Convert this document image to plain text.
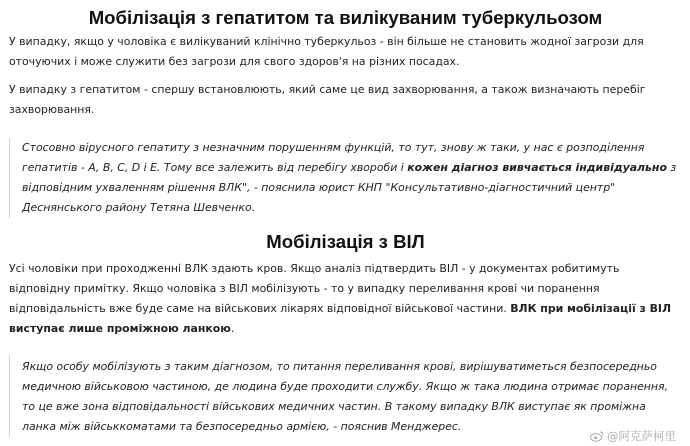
Мобілізація з гепатитом та вилікуваним туберкульозом

У випадку, якщо у чоловіка є вилікуваний клінічно туберкульоз - він більше не становить жодної загрози для оточуючих і може служити без загрози для свого здоров'я на різних посадах.

У випадку з гепатитом - спершу встановлюють, який саме це вид захворювання, а також визначають перебіг захворювання.

Стосовно вірусного гепатиту з незначним порушенням функцій, то тут, знову ж таки, у нас є розподілення гепатитів - A, B, C, D і E. Тому все залежить від перебігу хвороби і кожен діагноз вивчається індивідуально з відповідним ухваленням рішення ВЛК", - пояснила юрист КНП "Консультативно-діагностичний центр" Деснянського району Тетяна Шевченко.
Мобілізація з ВІЛ

Усі чоловіки при проходженні ВЛК здають кров. Якщо аналіз підтвердить ВІЛ - у документах робитимуть відповідну примітку. Якщо чоловіка з ВІЛ мобілізують - то у випадку переливання крові чи поранення відповідальність вже буде саме на військових лікарях відповідної військової частини. ВЛК при мобілізації з ВІЛ виступає лише проміжною ланкою.

Якщо особу мобілізують з таким діагнозом, то питання переливання крові, вирішуватиметься безпосередньо медичною військовою частиною, де людина буде проходити службу. Якщо ж така людина отримає поранення, то це вже зона відповідальності військових медичних частин. В такому випадку ВЛК виступає як проміжна ланка між військкоматами та безпосередньо армією, - пояснив Менджерес.
@阿克萨柯里
